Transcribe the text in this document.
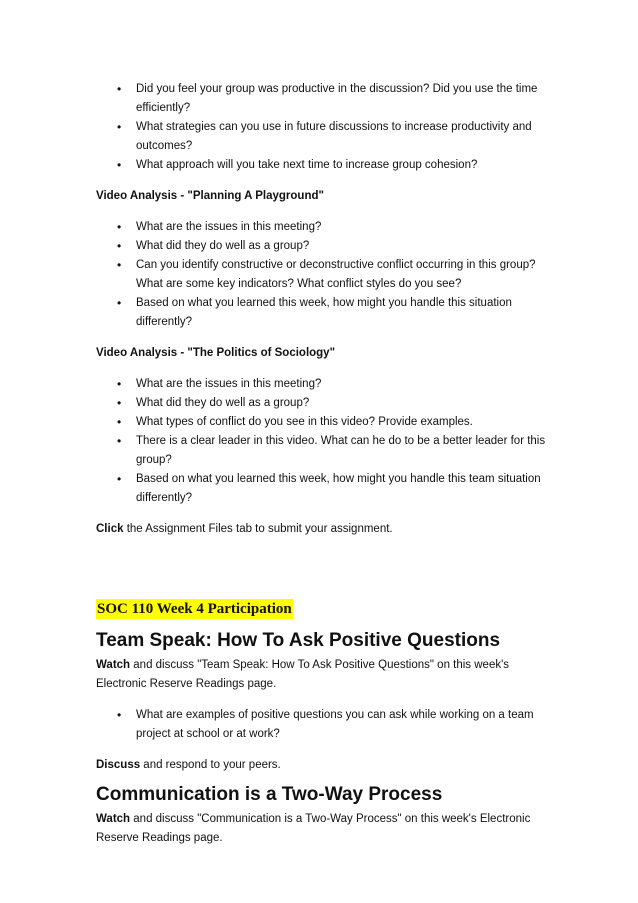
• Did you feel your group was productive in the discussion? Did you use the time efficiently?
• What strategies can you use in future discussions to increase productivity and outcomes?
• What approach will you take next time to increase group cohesion?

Video Analysis - "Planning A Playground"

• What are the issues in this meeting?
• What did they do well as a group?
• Can you identify constructive or deconstructive conflict occurring in this group? What are some key indicators? What conflict styles do you see?
• Based on what you learned this week, how might you handle this situation differently?

Video Analysis - "The Politics of Sociology"

• What are the issues in this meeting?
• What did they do well as a group?
• What types of conflict do you see in this video? Provide examples.
• There is a clear leader in this video. What can he do to be a better leader for this group?
• Based on what you learned this week, how might you handle this team situation differently?

Click the Assignment Files tab to submit your assignment.

SOC 110 Week 4 Participation

Team Speak: How To Ask Positive Questions

Watch and discuss "Team Speak: How To Ask Positive Questions" on this week's Electronic Reserve Readings page.

• What are examples of positive questions you can ask while working on a team project at school or at work?

Discuss and respond to your peers.

Communication is a Two-Way Process

Watch and discuss "Communication is a Two-Way Process" on this week's Electronic Reserve Readings page.
